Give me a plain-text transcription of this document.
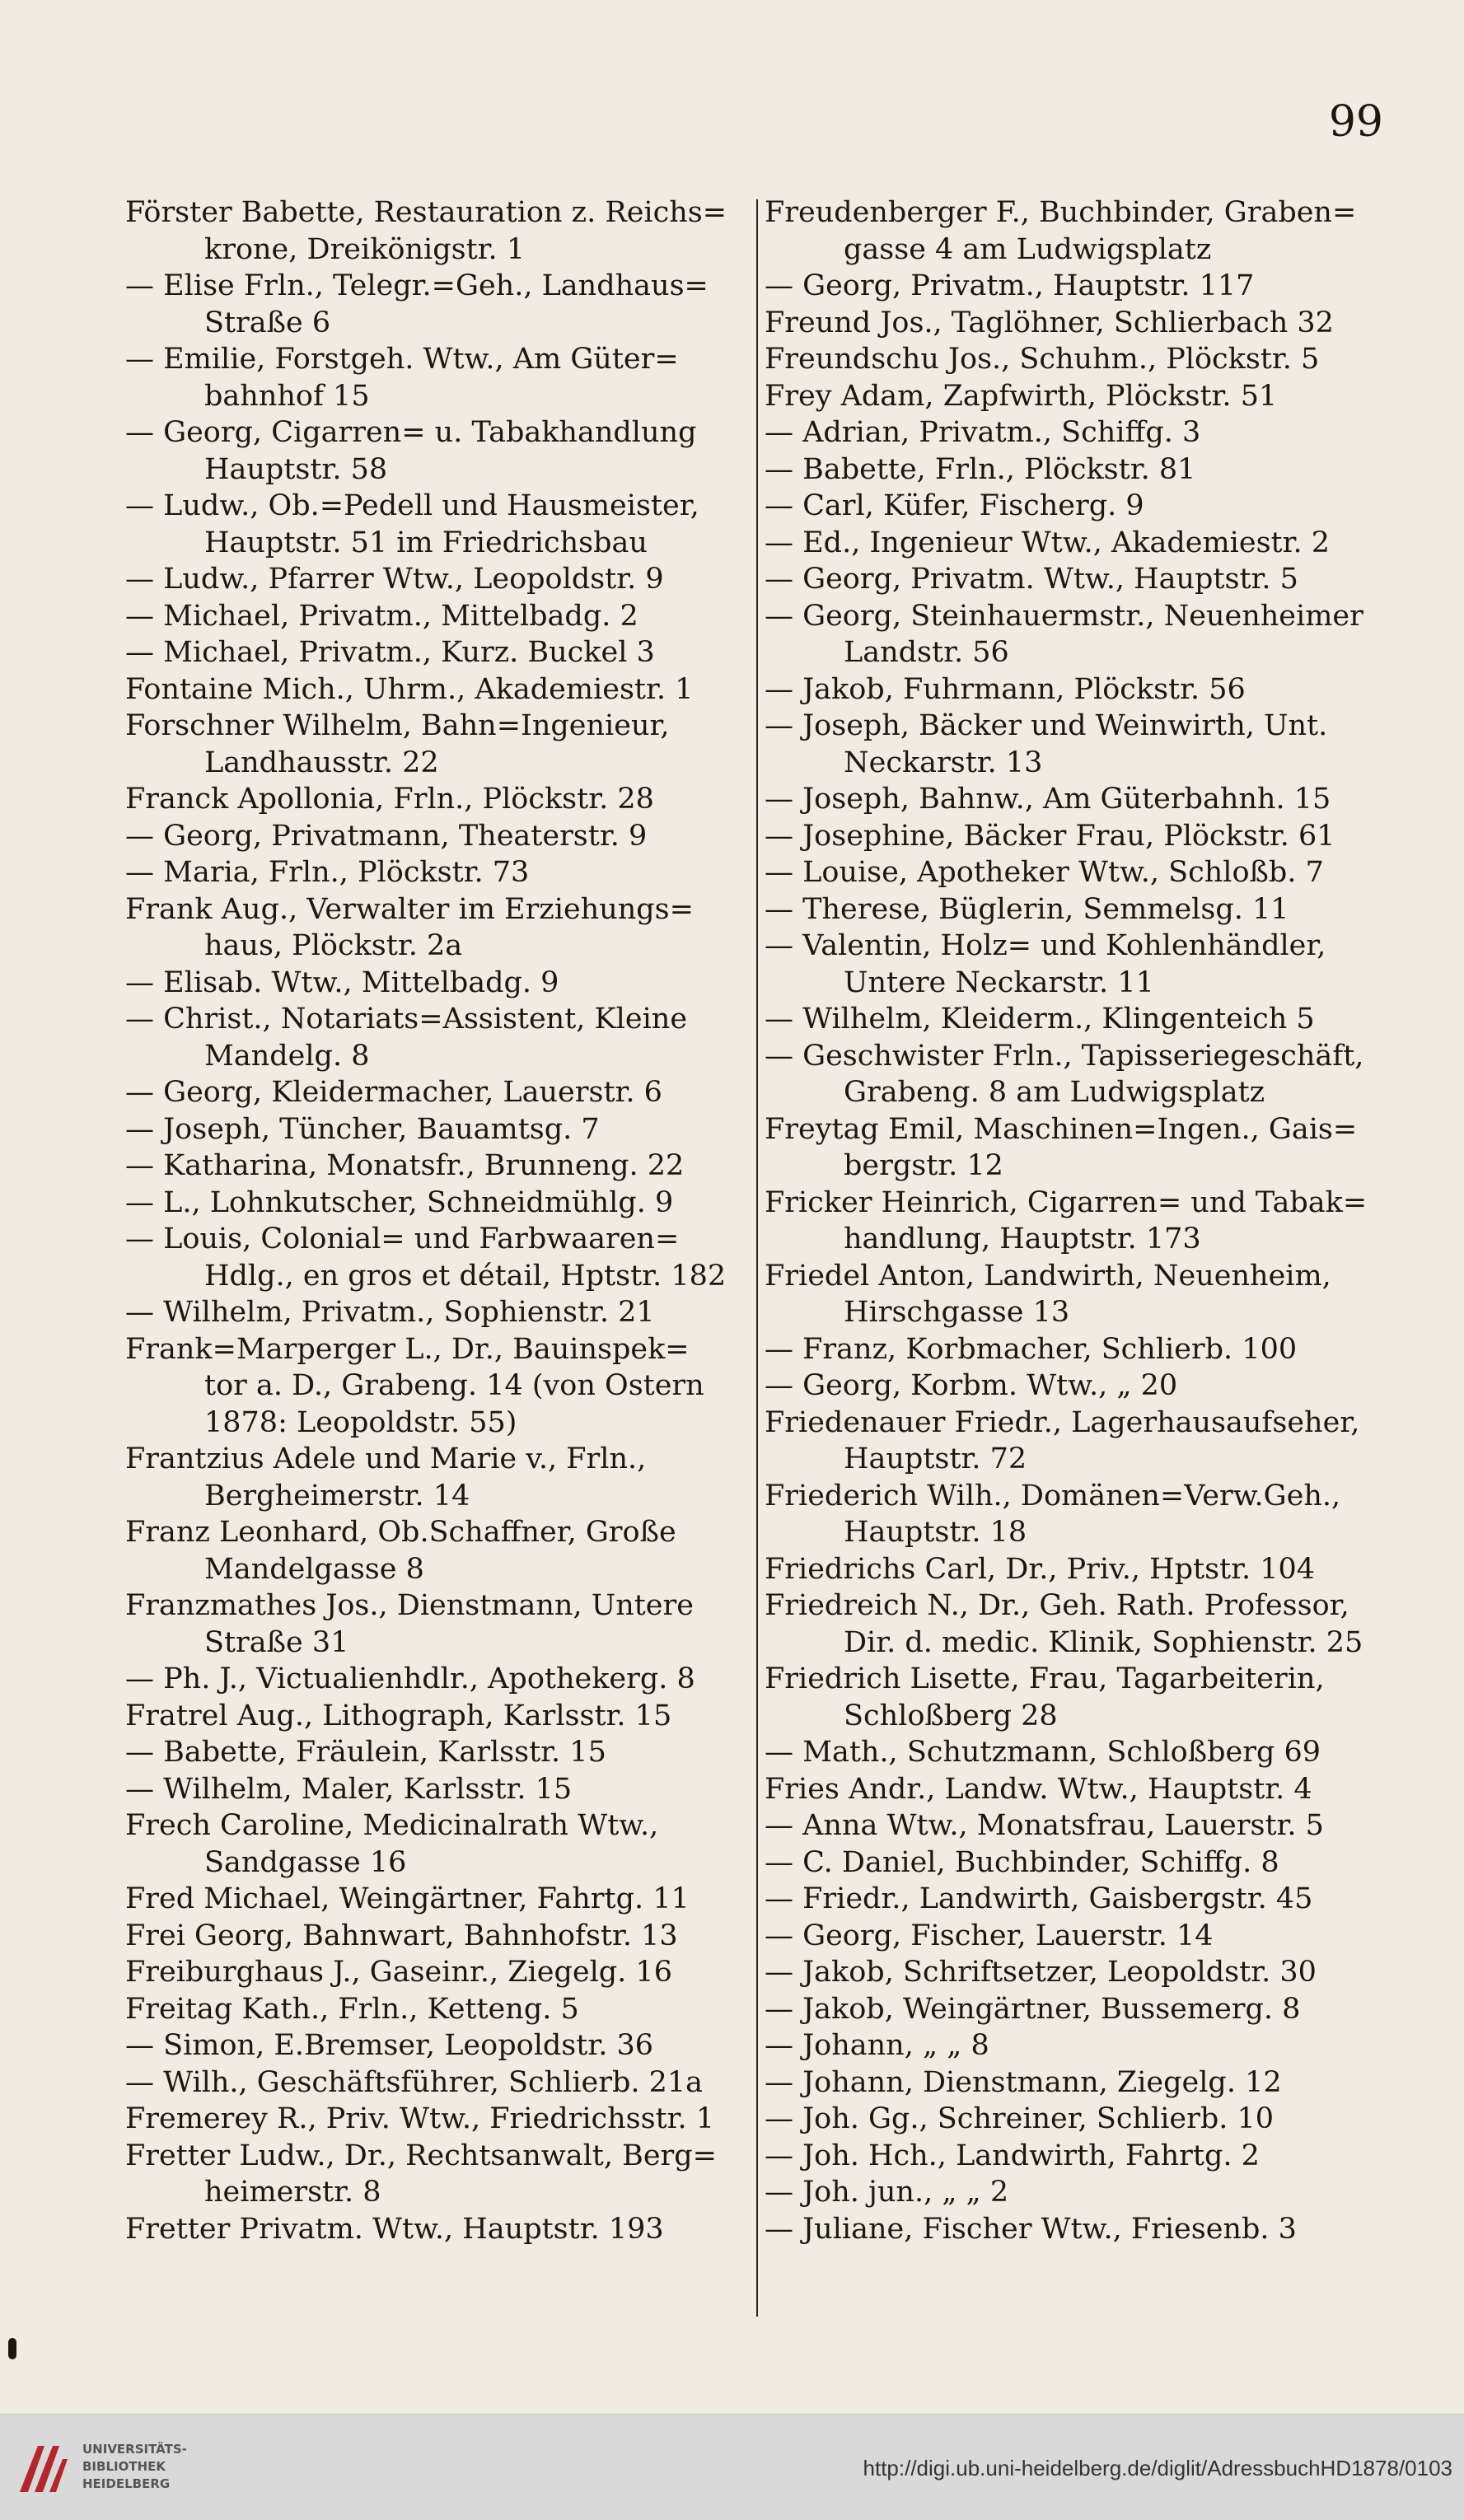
99
Förster Babette, Restauration z. Reichs=
krone, Dreikönigstr. 1
— Elise Frln., Telegr.=Geh., Landhaus=
Straße 6
— Emilie, Forstgeh. Wtw., Am Güter=
bahnhof 15
— Georg, Cigarren= u. Tabakhandlung
Hauptstr. 58
— Ludw., Ob.=Pedell und Hausmeister,
Hauptstr. 51 im Friedrichsbau
— Ludw., Pfarrer Wtw., Leopoldstr. 9
— Michael, Privatm., Mittelbadg. 2
— Michael, Privatm., Kurz. Buckel 3
Fontaine Mich., Uhrm., Akademiestr. 1
Forschner Wilhelm, Bahn=Ingenieur,
Landhausstr. 22
Franck Apollonia, Frln., Plöckstr. 28
— Georg, Privatmann, Theaterstr. 9
— Maria, Frln., Plöckstr. 73
Frank Aug., Verwalter im Erziehungs=
haus, Plöckstr. 2a
— Elisab. Wtw., Mittelbadg. 9
— Christ., Notariats=Assistent, Kleine
Mandelg. 8
— Georg, Kleidermacher, Lauerstr. 6
— Joseph, Tüncher, Bauamtsg. 7
— Katharina, Monatsfr., Brunneng. 22
— L., Lohnkutscher, Schneidmühlg. 9
— Louis, Colonial= und Farbwaaren=
Hdlg., en gros et détail, Hptstr. 182
— Wilhelm, Privatm., Sophienstr. 21
Frank=Marperger L., Dr., Bauinspek=
tor a. D., Grabeng. 14 (von Ostern
1878: Leopoldstr. 55)
Frantzius Adele und Marie v., Frln.,
Bergheimerstr. 14
Franz Leonhard, Ob.Schaffner, Große
Mandelgasse 8
Franzmathes Jos., Dienstmann, Untere
Straße 31
— Ph. J., Victualienhdlr., Apothekerg. 8
Fratrel Aug., Lithograph, Karlsstr. 15
— Babette, Fräulein, Karlsstr. 15
— Wilhelm, Maler, Karlsstr. 15
Frech Caroline, Medicinalrath Wtw.,
Sandgasse 16
Fred Michael, Weingärtner, Fahrtg. 11
Frei Georg, Bahnwart, Bahnhofstr. 13
Freiburghaus J., Gaseinr., Ziegelg. 16
Freitag Kath., Frln., Ketteng. 5
— Simon, E.Bremser, Leopoldstr. 36
— Wilh., Geschäftsführer, Schlierb. 21a
Fremerey R., Priv. Wtw., Friedrichsstr. 1
Fretter Ludw., Dr., Rechtsanwalt, Berg=
heimerstr. 8
Fretter Privatm. Wtw., Hauptstr. 193
Freudenberger F., Buchbinder, Graben=
gasse 4 am Ludwigsplatz
— Georg, Privatm., Hauptstr. 117
Freund Jos., Taglöhner, Schlierbach 32
Freundschu Jos., Schuhm., Plöckstr. 5
Frey Adam, Zapfwirth, Plöckstr. 51
— Adrian, Privatm., Schiffg. 3
— Babette, Frln., Plöckstr. 81
— Carl, Küfer, Fischerg. 9
— Ed., Ingenieur Wtw., Akademiestr. 2
— Georg, Privatm. Wtw., Hauptstr. 5
— Georg, Steinhauermstr., Neuenheimer
Landstr. 56
— Jakob, Fuhrmann, Plöckstr. 56
— Joseph, Bäcker und Weinwirth, Unt.
Neckarstr. 13
— Joseph, Bahnw., Am Güterbahnh. 15
— Josephine, Bäcker Frau, Plöckstr. 61
— Louise, Apotheker Wtw., Schloßb. 7
— Therese, Büglerin, Semmelsg. 11
— Valentin, Holz= und Kohlenhändler,
Untere Neckarstr. 11
— Wilhelm, Kleiderm., Klingenteich 5
— Geschwister Frln., Tapisseriegeschäft,
Grabeng. 8 am Ludwigsplatz
Freytag Emil, Maschinen=Ingen., Gais=
bergstr. 12
Fricker Heinrich, Cigarren= und Tabak=
handlung, Hauptstr. 173
Friedel Anton, Landwirth, Neuenheim,
Hirschgasse 13
— Franz, Korbmacher, Schlierb. 100
— Georg, Korbm. Wtw., „ 20
Friedenauer Friedr., Lagerhausaufseher,
Hauptstr. 72
Friederich Wilh., Domänen=Verw.Geh.,
Hauptstr. 18
Friedrichs Carl, Dr., Priv., Hptstr. 104
Friedreich N., Dr., Geh. Rath. Professor,
Dir. d. medic. Klinik, Sophienstr. 25
Friedrich Lisette, Frau, Tagarbeiterin,
Schloßberg 28
— Math., Schutzmann, Schloßberg 69
Fries Andr., Landw. Wtw., Hauptstr. 4
— Anna Wtw., Monatsfrau, Lauerstr. 5
— C. Daniel, Buchbinder, Schiffg. 8
— Friedr., Landwirth, Gaisbergstr. 45
— Georg, Fischer, Lauerstr. 14
— Jakob, Schriftsetzer, Leopoldstr. 30
— Jakob, Weingärtner, Bussemerg. 8
— Johann, „ „ 8
— Johann, Dienstmann, Ziegelg. 12
— Joh. Gg., Schreiner, Schlierb. 10
— Joh. Hch., Landwirth, Fahrtg. 2
— Joh. jun., „ „ 2
— Juliane, Fischer Wtw., Friesenb. 3
UNIVERSITÄTS-
BIBLIOTHEK
HEIDELBERG
http://digi.ub.uni-heidelberg.de/diglit/AdressbuchHD1878/0103
